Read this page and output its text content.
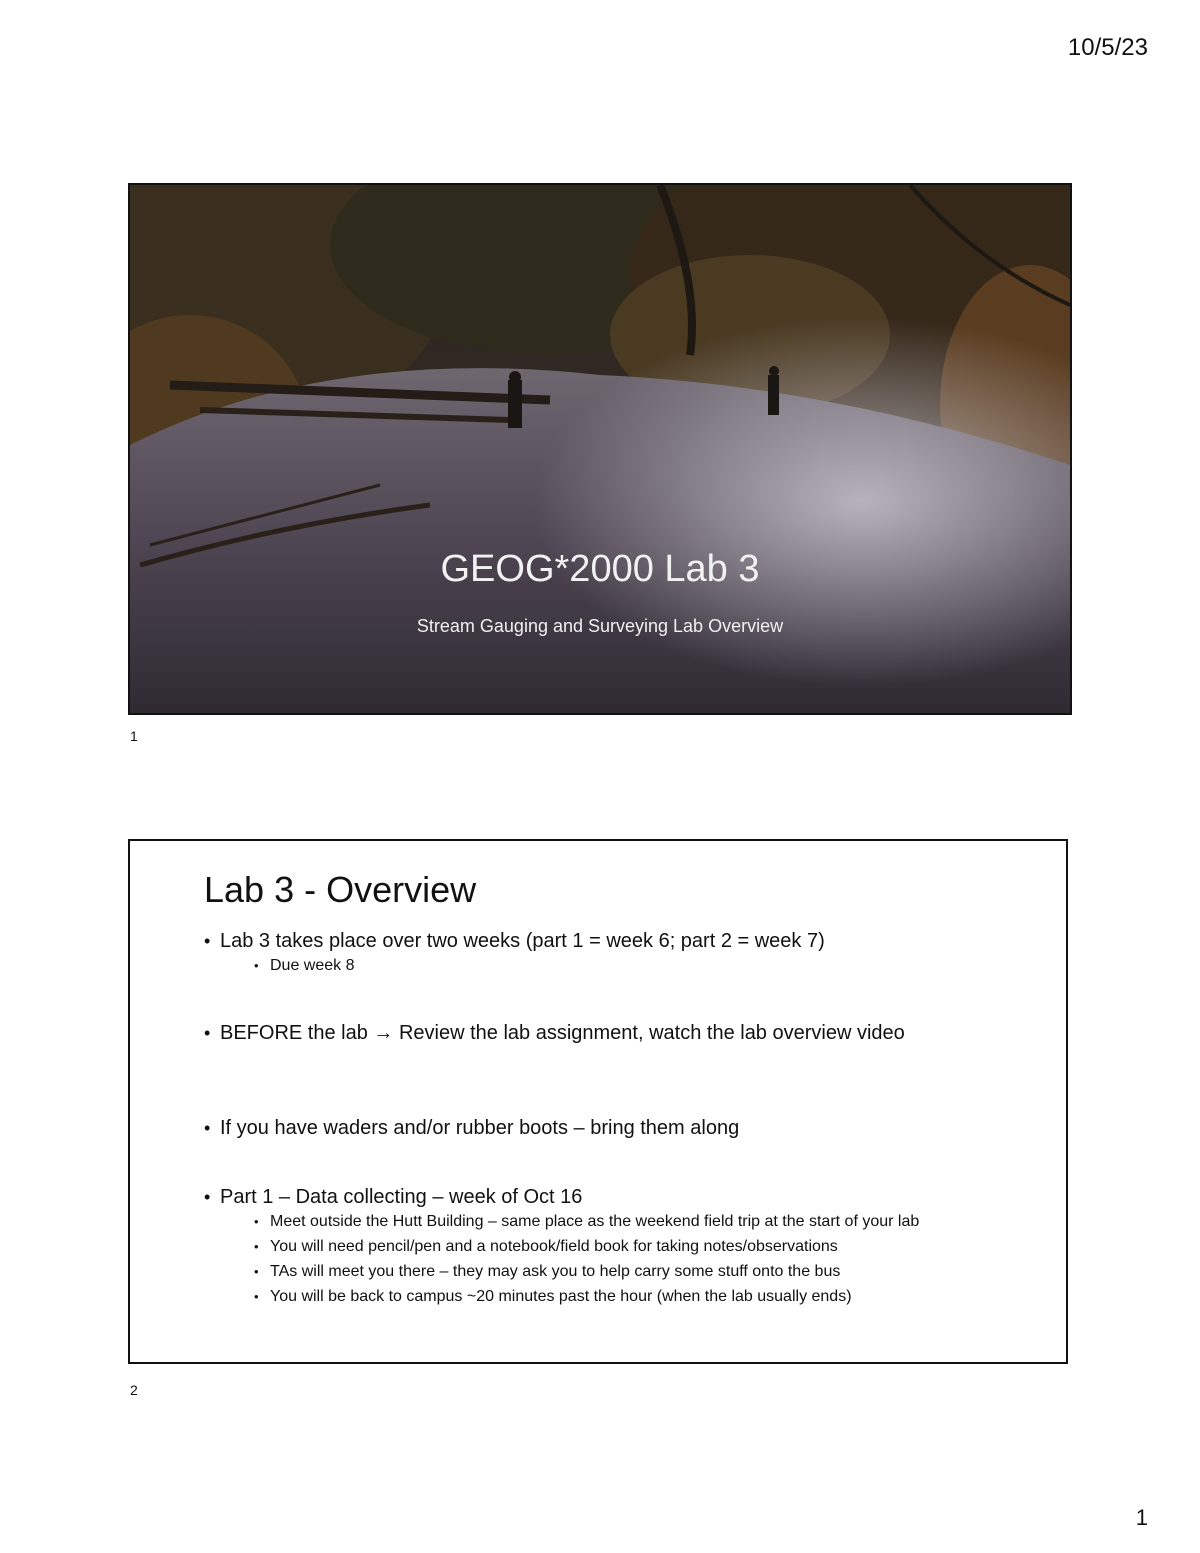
10/5/23
GEOG*2000 Lab 3
Stream Gauging and Surveying Lab Overview
1
Lab 3 - Overview
• Lab 3 takes place over two weeks (part 1 = week 6; part 2 = week 7)
• Due week 8
• BEFORE the lab → Review the lab assignment, watch the lab overview video
• If you have waders and/or rubber boots – bring them along
• Part 1 – Data collecting – week of Oct 16
• Meet outside the Hutt Building – same place as the weekend field trip at the start of your lab
• You will need pencil/pen and a notebook/field book for taking notes/observations
• TAs will meet you there – they may ask you to help carry some stuff onto the bus
• You will be back to campus ~20 minutes past the hour (when the lab usually ends)
2
1
